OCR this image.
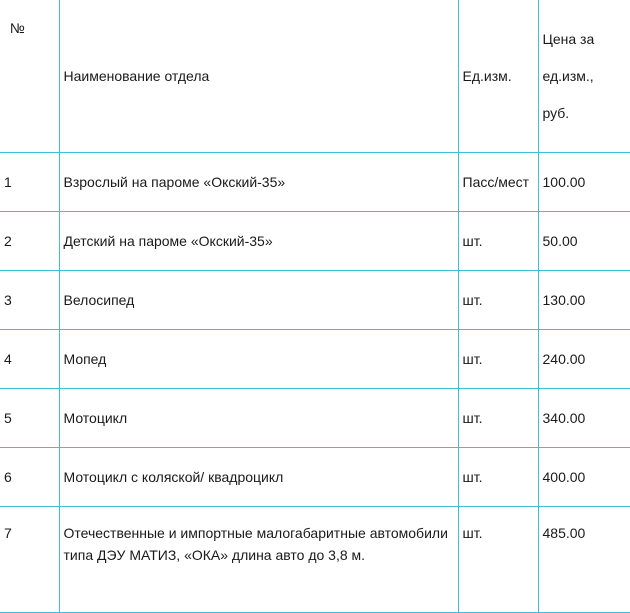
№	Наименование отдела	Ед.изм.	Цена за
ед.изм.,
руб.

1	Взрослый на пароме «Окский-35»	Пасс/мест	100.00
2	Детский на пароме «Окский-35»	шт.	50.00
3	Велосипед	шт.	130.00
4	Мопед	шт.	240.00
5	Мотоцикл	шт.	340.00
6	Мотоцикл с коляской/ квадроцикл	шт.	400.00
7	Отечественные и импортные малогабаритные автомобили типа ДЭУ МАТИЗ, «ОКА» длина авто до 3,8 м.	шт.	485.00
